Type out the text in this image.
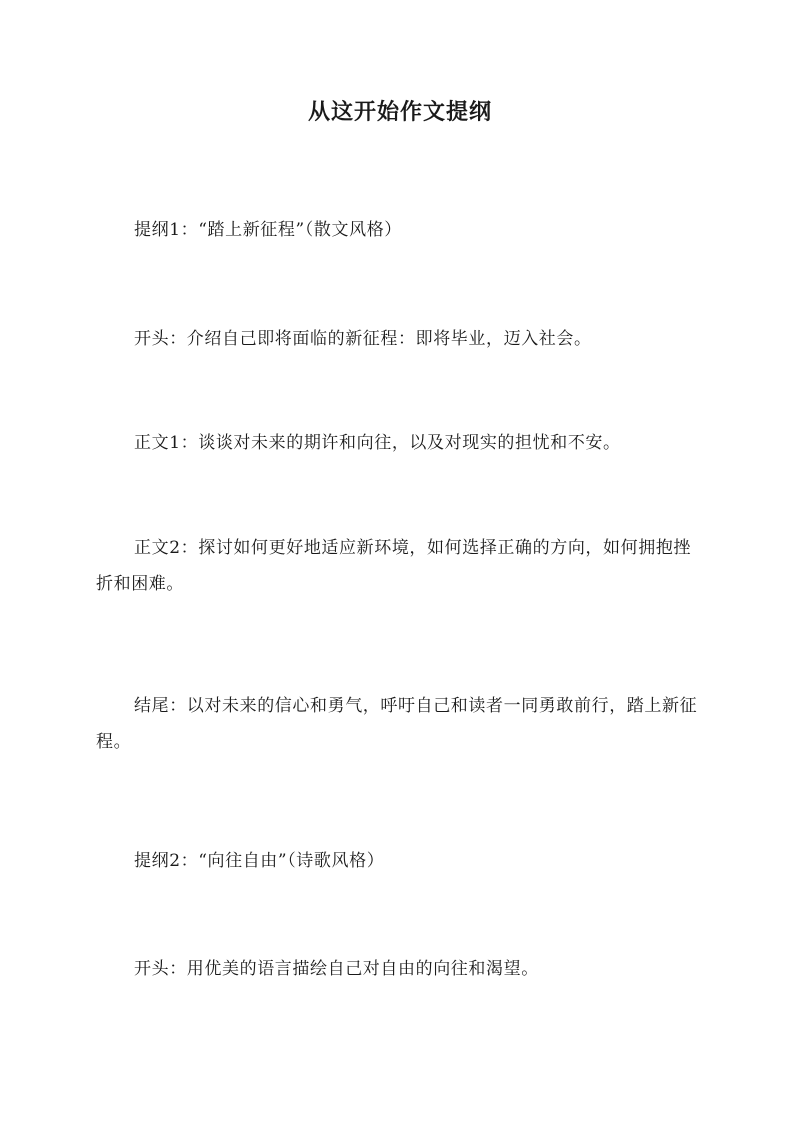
从这开始作文提纲
提纲1：“踏上新征程”（散文风格）
开头：介绍自己即将面临的新征程：即将毕业，迈入社会。
正文1：谈谈对未来的期许和向往，以及对现实的担忧和不安。
正文2：探讨如何更好地适应新环境，如何选择正确的方向，如何拥抱挫折和困难。
结尾：以对未来的信心和勇气，呼吁自己和读者一同勇敢前行，踏上新征程。
提纲2：“向往自由”（诗歌风格）
开头：用优美的语言描绘自己对自由的向往和渴望。
